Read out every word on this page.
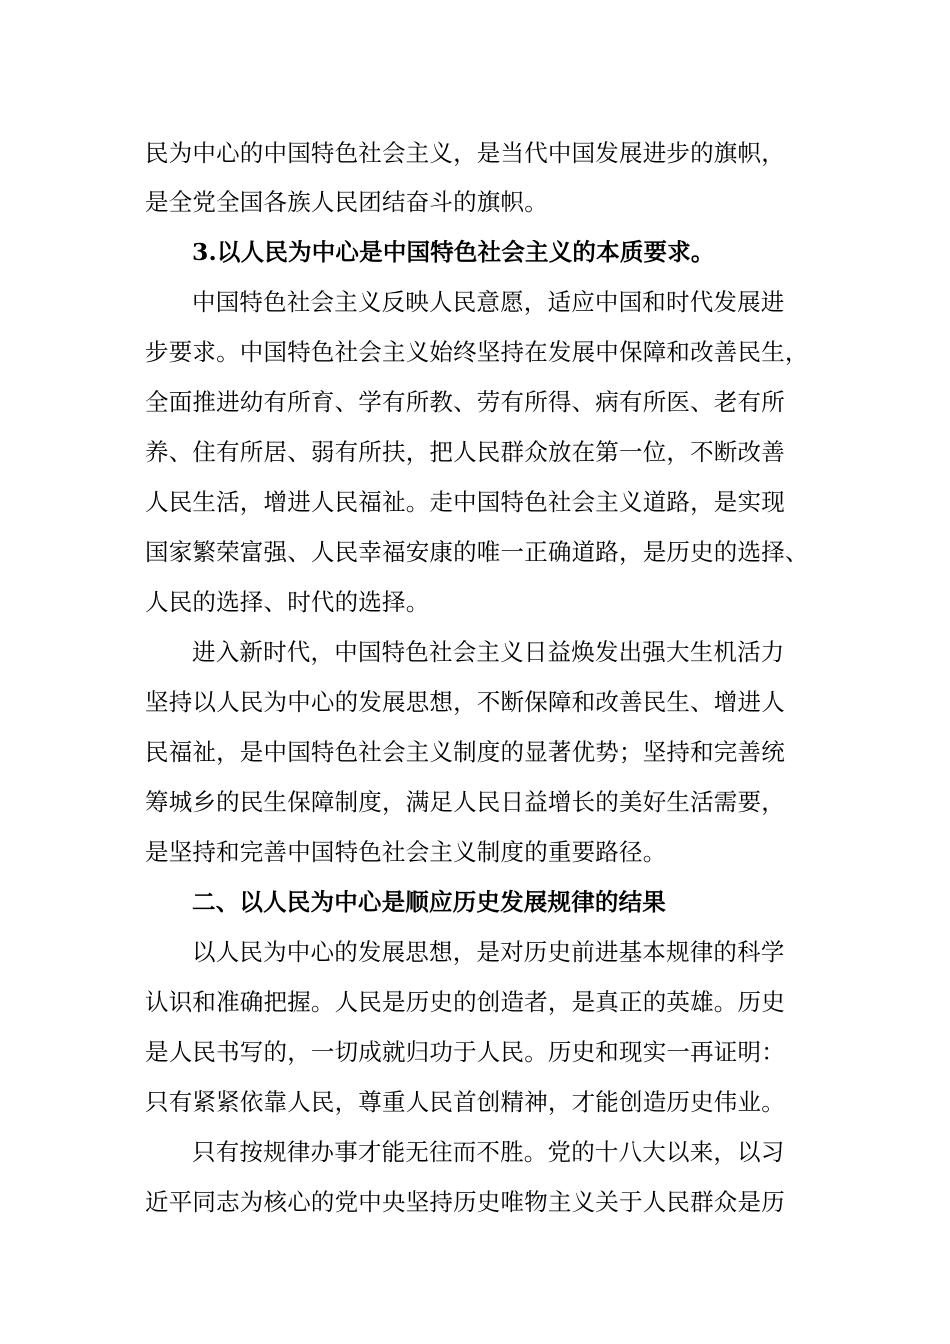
民为中心的中国特色社会主义，是当代中国发展进步的旗帜，
是全党全国各族人民团结奋斗的旗帜。
3.以人民为中心是中国特色社会主义的本质要求。
中国特色社会主义反映人民意愿，适应中国和时代发展进
步要求。中国特色社会主义始终坚持在发展中保障和改善民生，
全面推进幼有所育、学有所教、劳有所得、病有所医、老有所
养、住有所居、弱有所扶，把人民群众放在第一位，不断改善
人民生活，增进人民福祉。走中国特色社会主义道路，是实现
国家繁荣富强、人民幸福安康的唯一正确道路，是历史的选择、
人民的选择、时代的选择。
进入新时代，中国特色社会主义日益焕发出强大生机活力
坚持以人民为中心的发展思想，不断保障和改善民生、增进人
民福祉，是中国特色社会主义制度的显著优势；坚持和完善统
筹城乡的民生保障制度，满足人民日益增长的美好生活需要，
是坚持和完善中国特色社会主义制度的重要路径。
二、以人民为中心是顺应历史发展规律的结果
以人民为中心的发展思想，是对历史前进基本规律的科学
认识和准确把握。人民是历史的创造者，是真正的英雄。历史
是人民书写的，一切成就归功于人民。历史和现实一再证明：
只有紧紧依靠人民，尊重人民首创精神，才能创造历史伟业。
只有按规律办事才能无往而不胜。党的十八大以来，以习
近平同志为核心的党中央坚持历史唯物主义关于人民群众是历
